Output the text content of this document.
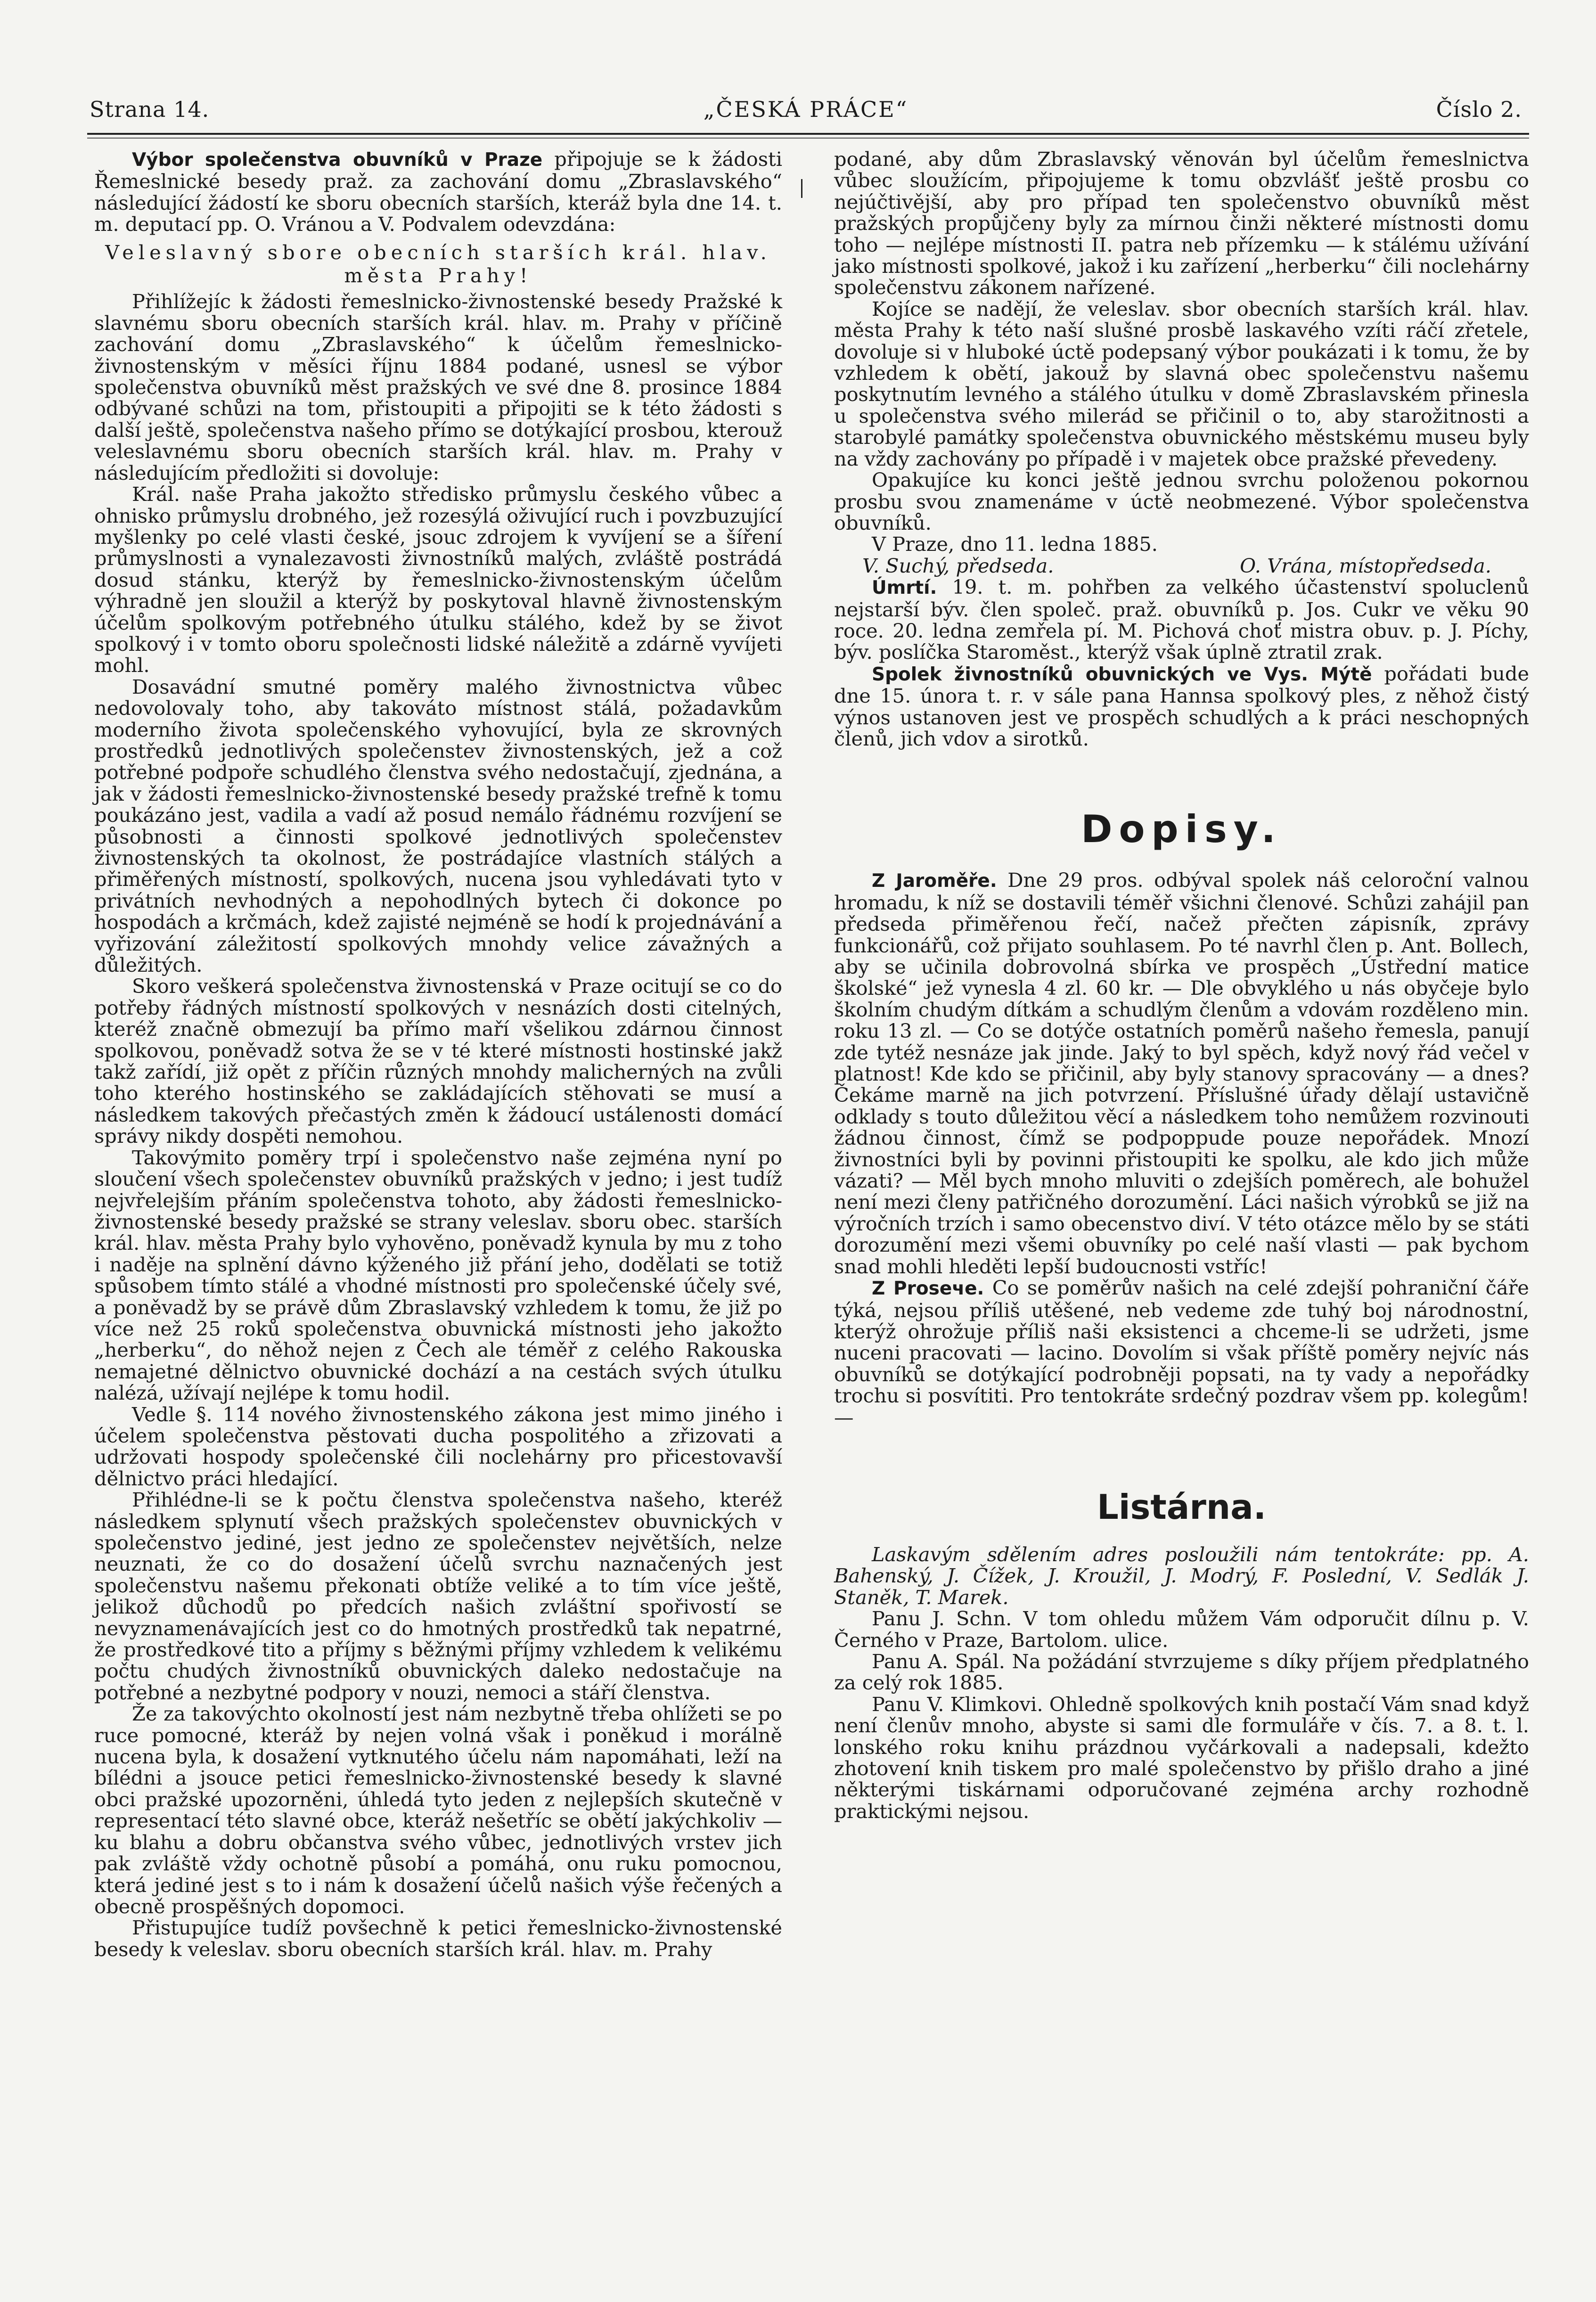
Strana 14.	„ČESKÁ PRÁCE“	Číslo 2.

Výbor společenstva obuvníků v Praze připojuje se k žádosti Řemeslnické besedy praž. za zachování domu „Zbraslavského“ následující žádostí ke sboru obecních starších, kteráž byla dne 14. t. m. deputací pp. O. Vránou a V. Podvalem odevzdána:

Veleslavný sbore obecních starších král. hlav.

města Prahy!

Přihlížejíc k žádosti řemeslnicko-živnostenské besedy Pražské k slavnému sboru obecních starších král. hlav. m. Prahy v příčině zachování domu „Zbraslavského“ k účelům řemeslnicko-živnostenským v měsíci říjnu 1884 podané, usnesl se výbor společenstva obuvníků měst pražských ve své dne 8. prosince 1884 odbývané schůzi na tom, přistoupiti a připojiti se k této žádosti s další ještě, společenstva našeho přímo se dotýkající prosbou, kterouž veleslavnému sboru obecních starších král. hlav. m. Prahy v následujícím předložiti si dovoluje:

Král. naše Praha jakožto středisko průmyslu českého vůbec a ohnisko průmyslu drobného, jež rozesýlá oživující ruch i povzbuzující myšlenky po celé vlasti české, jsouc zdrojem k vyvíjení se a šíření průmyslnosti a vynalezavosti živnostníků malých, zvláště postrádá dosud stánku, kterýž by řemeslnicko-živnostenským účelům výhradně jen sloužil a kterýž by poskytoval hlavně živnostenským účelům spolkovým potřebného útulku stálého, kdež by se život spolkový i v tomto oboru společnosti lidské náležitě a zdárně vyvíjeti mohl.

Dosavádní smutné poměry malého živnostnictva vůbec nedovolovaly toho, aby takováto místnost stálá, požadavkům moderního života společenského vyhovující, byla ze skrovných prostředků jednotlivých společenstev živnostenských, jež a což potřebné podpoře schudlého členstva svého nedostačují, zjednána, a jak v žádosti řemeslnicko-živnostenské besedy pražské trefně k tomu poukázáno jest, vadila a vadí až posud nemálo řádnému rozvíjení se působnosti a činnosti spolkové jednotlivých společenstev živnostenských ta okolnost, že postrádajíce vlastních stálých a přiměřených místností, spolkových, nucena jsou vyhledávati tyto v privátních nevhodných a nepohodlných bytech či dokonce po hospodách a krčmách, kdež zajisté nejméně se hodí k projednávání a vyřizování záležitostí spolkových mnohdy velice závažných a důležitých.

Skoro veškerá společenstva živnostenská v Praze ocitují se co do potřeby řádných místností spolkových v nesnázích dosti citelných, kteréž značně obmezují ba přímo maří všelikou zdárnou činnost spolkovou, poněvadž sotva že se v té které místnosti hostinské jakž takž zařídí, již opět z příčin různých mnohdy malicherných na zvůli toho kterého hostinského se zakládajících stěhovati se musí a následkem takových přečastých změn k žádoucí ustálenosti domácí správy nikdy dospěti nemohou.

Takovýmito poměry trpí i společenstvo naše zejména nyní po sloučení všech společenstev obuvníků pražských v jedno; i jest tudíž nejvřelejším přáním společenstva tohoto, aby žádosti řemeslnicko-živnostenské besedy pražské se strany veleslav. sboru obec. starších král. hlav. města Prahy bylo vyhověno, poněvadž kynula by mu z toho i naděje na splnění dávno kýženého již přání jeho, dodělati se totiž spůsobem tímto stálé a vhodné místnosti pro společenské účely své, a poněvadž by se právě dům Zbraslavský vzhledem k tomu, že již po více než 25 roků společenstva obuvnická místnosti jeho jakožto „herberku“, do něhož nejen z Čech ale téměř z celého Rakouska nemajetné dělnictvo obuvnické dochází a na cestách svých útulku nalézá, užívají nejlépe k tomu hodil.

Vedle §. 114 nového živnostenského zákona jest mimo jiného i účelem společenstva pěstovati ducha pospolitého a zřizovati a udržovati hospody společenské čili noclehárny pro přicestovavší dělnictvo práci hledající.

Přihlédne-li se k počtu členstva společenstva našeho, kteréž následkem splynutí všech pražských společenstev obuvnických v společenstvo jediné, jest jedno ze společenstev největších, nelze neuznati, že co do dosažení účelů svrchu naznačených jest společenstvu našemu překonati obtíže veliké a to tím více ještě, jelikož důchodů po předcích našich zvláštní spořivostí se nevyznamenávajících jest co do hmotných prostředků tak nepatrné, že prostředkové tito a příjmy s běžnými příjmy vzhledem k velikému počtu chudých živnostníků obuvnických daleko nedostačuje na potřebné a nezbytné podpory v nouzi, nemoci a stáří členstva.

Že za takovýchto okolností jest nám nezbytně třeba ohlížeti se po ruce pomocné, kteráž by nejen volná však i poněkud i morálně nucena byla, k dosažení vytknutého účelu nám napomáhati, leží na bílédni a jsouce petici řemeslnicko-živnostenské besedy k slavné obci pražské upozorněni, úhledá tyto jeden z nejlepších skutečně v representací této slavné obce, kteráž nešetříc se obětí jakýchkoliv — ku blahu a dobru občanstva svého vůbec, jednotlivých vrstev jich pak zvláště vždy ochotně působí a pomáhá, onu ruku pomocnou, která jediné jest s to i nám k dosažení účelů našich výše řečených a obecně prospěšných dopomoci.

Přistupujíce tudíž povšechně k petici řemeslnicko-živnostenské besedy k veleslav. sboru obecních starších král. hlav. m. Prahy

podané, aby dům Zbraslavský věnován byl účelům řemeslnictva vůbec sloužícím, připojujeme k tomu obzvlášť ještě prosbu co nejúčtivější, aby pro případ ten společenstvo obuvníků měst pražských propůjčeny byly za mírnou činži některé místnosti domu toho — nejlépe místnosti II. patra neb přízemku — k stálému užívání jako místnosti spolkové, jakož i ku zařízení „herberku“ čili noclehárny společenstvu zákonem nařízené.

Kojíce se nadějí, že veleslav. sbor obecních starších král. hlav. města Prahy k této naší slušné prosbě laskavého vzíti ráčí zřetele, dovoluje si v hluboké úctě podepsaný výbor poukázati i k tomu, že by vzhledem k obětí, jakouž by slavná obec společenstvu našemu poskytnutím levného a stálého útulku v domě Zbraslavském přinesla u společenstva svého milerád se přičinil o to, aby starožitnosti a starobylé památky společenstva obuvnického městskému museu byly na vždy zachovány po případě i v majetek obce pražské převedeny.

Opakujíce ku konci ještě jednou svrchu položenou pokornou prosbu svou znamenáme v úctě neobmezené. Výbor společenstva obuvníků.

V Praze, dno 11. ledna 1885.

V. Suchý, předseda.	O. Vrána, místopředseda.

Úmrtí. 19. t. m. pohřben za velkého účastenství spoluclenů nejstarší býv. člen společ. praž. obuvníků p. Jos. Cukr ve věku 90 roce. 20. ledna zemřela pí. M. Pichová choť mistra obuv. p. J. Píchy, býv. poslíčka Staroměst., kterýž však úplně ztratil zrak.

Spolek živnostníků obuvnických ve Vys. Mýtě pořádati bude dne 15. února t. r. v sále pana Hannsa spolkový ples, z něhož čistý výnos ustanoven jest ve prospěch schudlých a k práci neschopných členů, jich vdov a sirotků.

Dopisy.

Z Jaroměře. Dne 29 pros. odbýval spolek náš celoroční valnou hromadu, k níž se dostavili téměř všichni členové. Schůzi zahájil pan předseda přiměřenou řečí, načež přečten zápisník, zprávy funkcionářů, což přijato souhlasem. Po té navrhl člen p. Ant. Bollech, aby se učinila dobrovolná sbírka ve prospěch „Ústřední matice školské“ jež vynesla 4 zl. 60 kr. — Dle obvyklého u nás obyčeje bylo školním chudým dítkám a schudlým členům a vdovám rozděleno min. roku 13 zl. — Co se dotýče ostatních poměrů našeho řemesla, panují zde tytéž nesnáze jak jinde. Jaký to byl spěch, když nový řád večel v platnost! Kde kdo se přičinil, aby byly stanovy spracovány — a dnes? Čekáme marně na jich potvrzení. Příslušné úřady dělají ustavičně odklady s touto důležitou věcí a následkem toho nemůžem rozvinouti žádnou činnost, čímž se podpoppude pouze nepořádek. Mnozí živnostníci byli by povinni přistoupiti ke spolku, ale kdo jich může vázati? — Měl bych mnoho mluviti o zdejších poměrech, ale bohužel není mezi členy patřičného dorozumění. Láci našich výrobků se již na výročních trzích i samo obecenstvo diví. V této otázce mělo by se státi dorozumění mezi všemi obuvníky po celé naší vlasti — pak bychom snad mohli hleděti lepší budoucnosti vstříc!

Z Prosече. Co se poměrův našich na celé zdejší pohraniční čáře týká, nejsou příliš utěšené, neb vedeme zde tuhý boj národnostní, kterýž ohrožuje příliš naši eksistenci a chceme-li se udržeti, jsme nuceni pracovati — lacino. Dovolím si však příště poměry nejvíc nás obuvníků se dotýkající podrobněji popsati, na ty vady a nepořádky trochu si posvítiti. Pro tentokráte srdečný pozdrav všem pp. kolegům! —

Listárna.

Laskavým sdělením adres posloužili nám tentokráte: pp. A. Bahenský, J. Čížek, J. Kroužil, J. Modrý, F. Poslední, V. Sedlák J. Staněk, T. Marek.

Panu J. Schn. V tom ohledu můžem Vám odporučit dílnu p. V. Černého v Praze, Bartolom. ulice.

Panu A. Spál. Na požádání stvrzujeme s díky příjem předplatného za celý rok 1885.

Panu V. Klimkovi. Ohledně spolkových knih postačí Vám snad když není členův mnoho, abyste si sami dle formuláře v čís. 7. a 8. t. l. lonského roku knihu prázdnou vyčárkovali a nadepsali, kdežto zhotovení knih tiskem pro malé společenstvo by přišlo draho a jiné některými tiskárnami odporučované zejména archy rozhodně praktickými nejsou.
